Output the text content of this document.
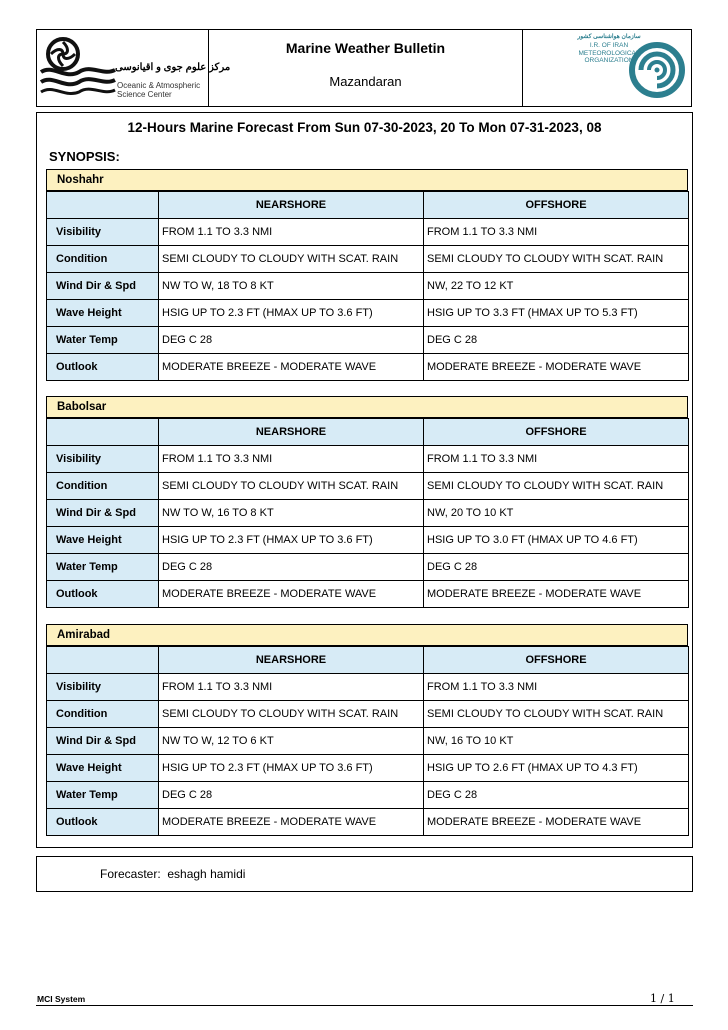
مرکز علوم جوی و اقیانوسی
Oceanic & Atmospheric Science Center
Marine Weather Bulletin
Mazandaran
سازمان هواشناسی کشور
I.R. OF IRAN METEOROLOGICAL ORGANIZATION
12-Hours Marine Forecast From Sun 07-30-2023, 20 To Mon 07-31-2023, 08
SYNOPSIS:
Noshahr
	NEARSHORE	OFFSHORE
Visibility	FROM 1.1 TO 3.3 NMI	FROM 1.1 TO 3.3 NMI
Condition	SEMI CLOUDY TO CLOUDY WITH SCAT. RAIN	SEMI CLOUDY TO CLOUDY WITH SCAT. RAIN
Wind Dir & Spd	NW TO W, 18 TO 8 KT	NW, 22 TO 12 KT
Wave Height	HSIG UP TO 2.3 FT (HMAX UP TO 3.6 FT)	HSIG UP TO 3.3 FT (HMAX UP TO 5.3 FT)
Water Temp	DEG C 28	DEG C 28
Outlook	MODERATE BREEZE - MODERATE WAVE	MODERATE BREEZE - MODERATE WAVE
Babolsar
	NEARSHORE	OFFSHORE
Visibility	FROM 1.1 TO 3.3 NMI	FROM 1.1 TO 3.3 NMI
Condition	SEMI CLOUDY TO CLOUDY WITH SCAT. RAIN	SEMI CLOUDY TO CLOUDY WITH SCAT. RAIN
Wind Dir & Spd	NW TO W, 16 TO 8 KT	NW, 20 TO 10 KT
Wave Height	HSIG UP TO 2.3 FT (HMAX UP TO 3.6 FT)	HSIG UP TO 3.0 FT (HMAX UP TO 4.6 FT)
Water Temp	DEG C 28	DEG C 28
Outlook	MODERATE BREEZE - MODERATE WAVE	MODERATE BREEZE - MODERATE WAVE
Amirabad
	NEARSHORE	OFFSHORE
Visibility	FROM 1.1 TO 3.3 NMI	FROM 1.1 TO 3.3 NMI
Condition	SEMI CLOUDY TO CLOUDY WITH SCAT. RAIN	SEMI CLOUDY TO CLOUDY WITH SCAT. RAIN
Wind Dir & Spd	NW TO W, 12 TO 6 KT	NW, 16 TO 10 KT
Wave Height	HSIG UP TO 2.3 FT (HMAX UP TO 3.6 FT)	HSIG UP TO 2.6 FT (HMAX UP TO 4.3 FT)
Water Temp	DEG C 28	DEG C 28
Outlook	MODERATE BREEZE - MODERATE WAVE	MODERATE BREEZE - MODERATE WAVE
Forecaster: eshagh hamidi
MCI System	1 / 1
